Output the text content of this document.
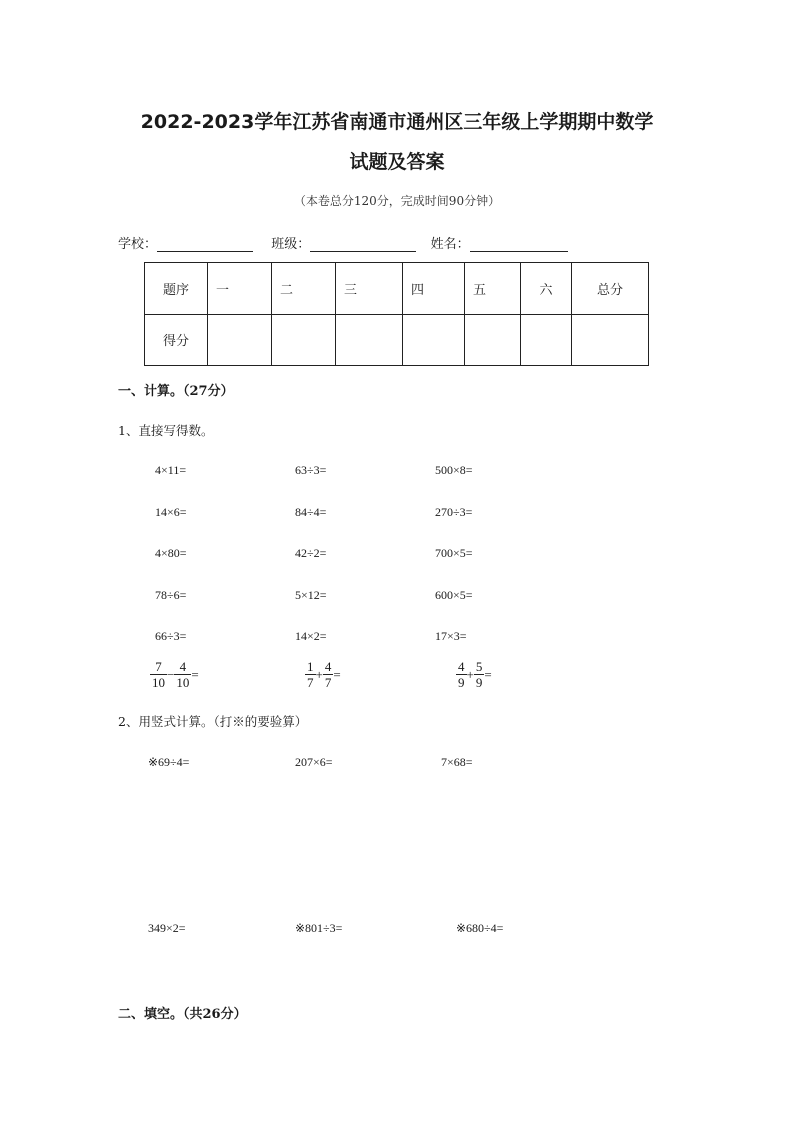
2022-2023学年江苏省南通市通州区三年级上学期期中数学
试题及答案
（本卷总分120分，完成时间90分钟）
学校：	班级：	姓名：
题序	一	二	三	四	五	六	总分
得分							
一、计算。（27分）
1、直接写得数。
4×11=	63÷3=	500×8=
14×6=	84÷4=	270÷3=
4×80=	42÷2=	700×5=
78÷6=	5×12=	600×5=
66÷3=	14×2=	17×3=
$\frac{7}{10} - \frac{4}{10}$ =	$\frac{1}{7} + \frac{4}{7}$ =	$\frac{4}{9} + \frac{5}{9}$ =
2、用竖式计算。（打※的要验算）
※69÷4=	207×6=	7×68=
349×2=	※801÷3=	※680÷4=
二、填空。（共26分）
